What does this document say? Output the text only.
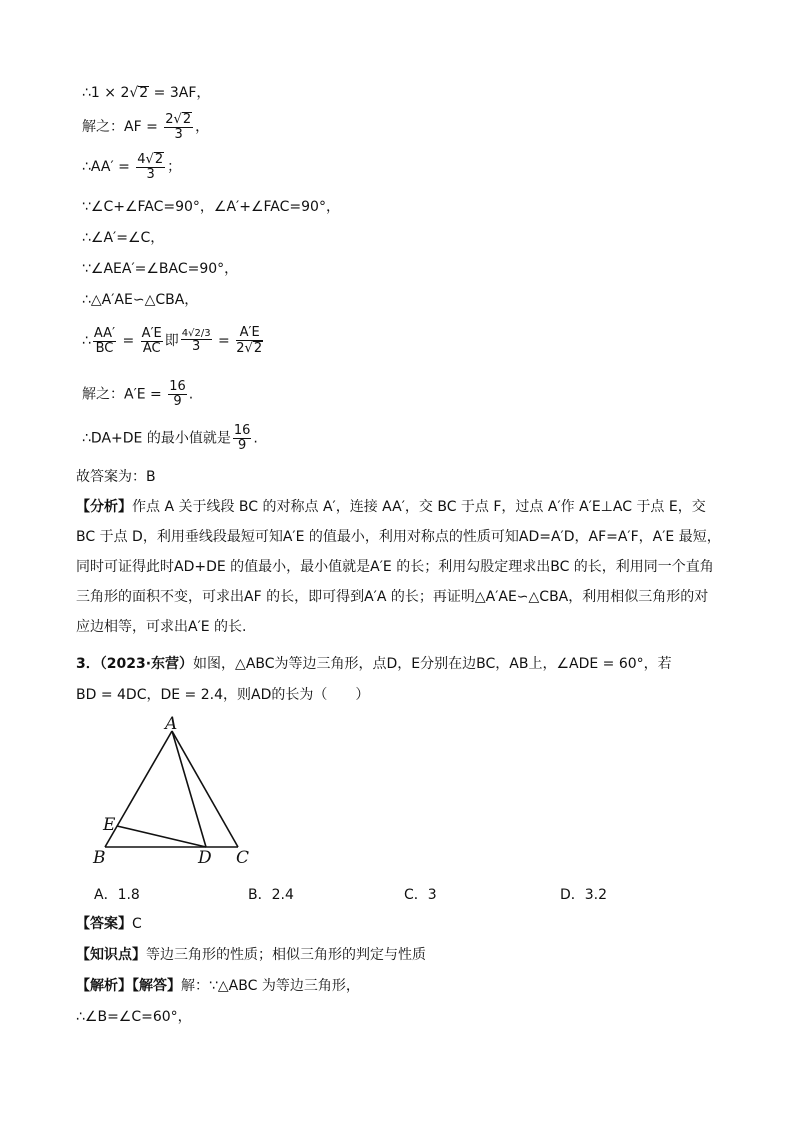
∴1 × 2√2 = 3AF，
解之：AF = $\frac{2√2}{3}$ ，
∴AA′ = $\frac{4√2}{3}$ ；
∵∠C+∠FAC=90°，∠A′+∠FAC=90°，
∴∠A′=∠C，
∵∠AEA′=∠BAC=90°，
∴△A′AE∽△CBA，
∴ $\frac{AA'}{BC} = \frac{A'E}{AC}$ 即 $\frac{4√2/3}{3} = \frac{A'E}{2√2}$
解之：$A'E = \frac{16}{9}$ .
∴DA+DE 的最小值就是 $\frac{16}{9}$ .
故答案为：B
【分析】作点 A 关于线段 BC 的对称点 A′，连接 AA′，交 BC 于点 F，过点 A′作 A′E⊥AC 于点 E，交 BC 于点 D，利用垂线段最短可知A′E 的值最小，利用对称点的性质可知AD=A′D，AF=A′F，A′E 最短，同时可证得此时AD+DE 的值最小，最小值就是A′E 的长；利用勾股定理求出BC 的长，利用同一个直角三角形的面积不变，可求出AF 的长，即可得到A′A 的长；再证明△A′AE∽△CBA，利用相似三角形的对应边相等，可求出A′E 的长.
3．（2023·东营）如图，△ABC为等边三角形，点D，E分别在边BC，AB上，∠ADE = 60°，若
BD = 4DC，DE = 2.4，则AD的长为（　　）
A
B	C
D
E
A．1.8	B．2.4	C．3	D．3.2
【答案】C
【知识点】等边三角形的性质；相似三角形的判定与性质
【解析】【解答】解：∵△ABC 为等边三角形，
∴∠B=∠C=60°，
